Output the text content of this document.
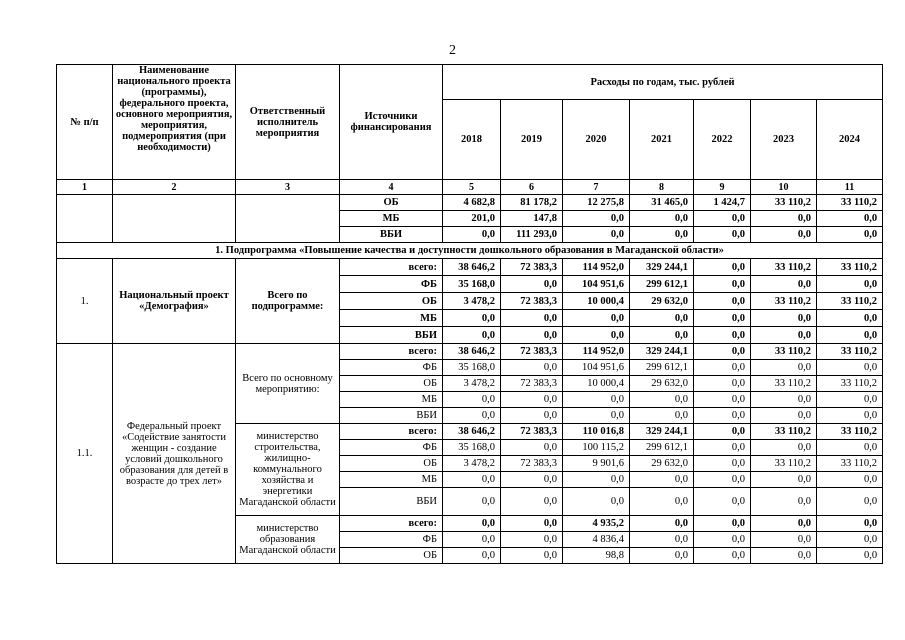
2
№ п/п	Наименование национального проекта (программы), федерального проекта, основного мероприятия, мероприятия, подмероприятия (при необходимости)	Ответственный исполнитель мероприятия	Источники финансирования	Расходы по годам, тыс. рублей						
				2018	2019	2020	2021	2022	2023	2024
1	2	3	4	5	6	7	8	9	10	11
			ОБ	4 682,8	81 178,2	12 275,8	31 465,0	1 424,7	33 110,2	33 110,2
			МБ	201,0	147,8	0,0	0,0	0,0	0,0	0,0
			ВБИ	0,0	111 293,0	0,0	0,0	0,0	0,0	0,0
1. Подпрограмма «Повышение качества и доступности дошкольного образования в Магаданской области»										
1.	Национальный проект «Демография»	Всего по подпрограмме:	всего:	38 646,2	72 383,3	114 952,0	329 244,1	0,0	33 110,2	33 110,2
			ФБ	35 168,0	0,0	104 951,6	299 612,1	0,0	0,0	0,0
			ОБ	3 478,2	72 383,3	10 000,4	29 632,0	0,0	33 110,2	33 110,2
			МБ	0,0	0,0	0,0	0,0	0,0	0,0	0,0
			ВБИ	0,0	0,0	0,0	0,0	0,0	0,0	0,0
1.1.	Федеральный проект «Содействие занятости женщин - создание условий дошкольного образования для детей в возрасте до трех лет»	Всего по основному мероприятию:	всего:	38 646,2	72 383,3	114 952,0	329 244,1	0,0	33 110,2	33 110,2
			ФБ	35 168,0	0,0	104 951,6	299 612,1	0,0	0,0	0,0
			ОБ	3 478,2	72 383,3	10 000,4	29 632,0	0,0	33 110,2	33 110,2
			МБ	0,0	0,0	0,0	0,0	0,0	0,0	0,0
			ВБИ	0,0	0,0	0,0	0,0	0,0	0,0	0,0
		министерство строительства, жилищно-коммунального хозяйства и энергетики Магаданской области	всего:	38 646,2	72 383,3	110 016,8	329 244,1	0,0	33 110,2	33 110,2
			ФБ	35 168,0	0,0	100 115,2	299 612,1	0,0	0,0	0,0
			ОБ	3 478,2	72 383,3	9 901,6	29 632,0	0,0	33 110,2	33 110,2
			МБ	0,0	0,0	0,0	0,0	0,0	0,0	0,0
			ВБИ	0,0	0,0	0,0	0,0	0,0	0,0	0,0
		министерство образования Магаданской области	всего:	0,0	0,0	4 935,2	0,0	0,0	0,0	0,0
			ФБ	0,0	0,0	4 836,4	0,0	0,0	0,0	0,0
			ОБ	0,0	0,0	98,8	0,0	0,0	0,0	0,0
